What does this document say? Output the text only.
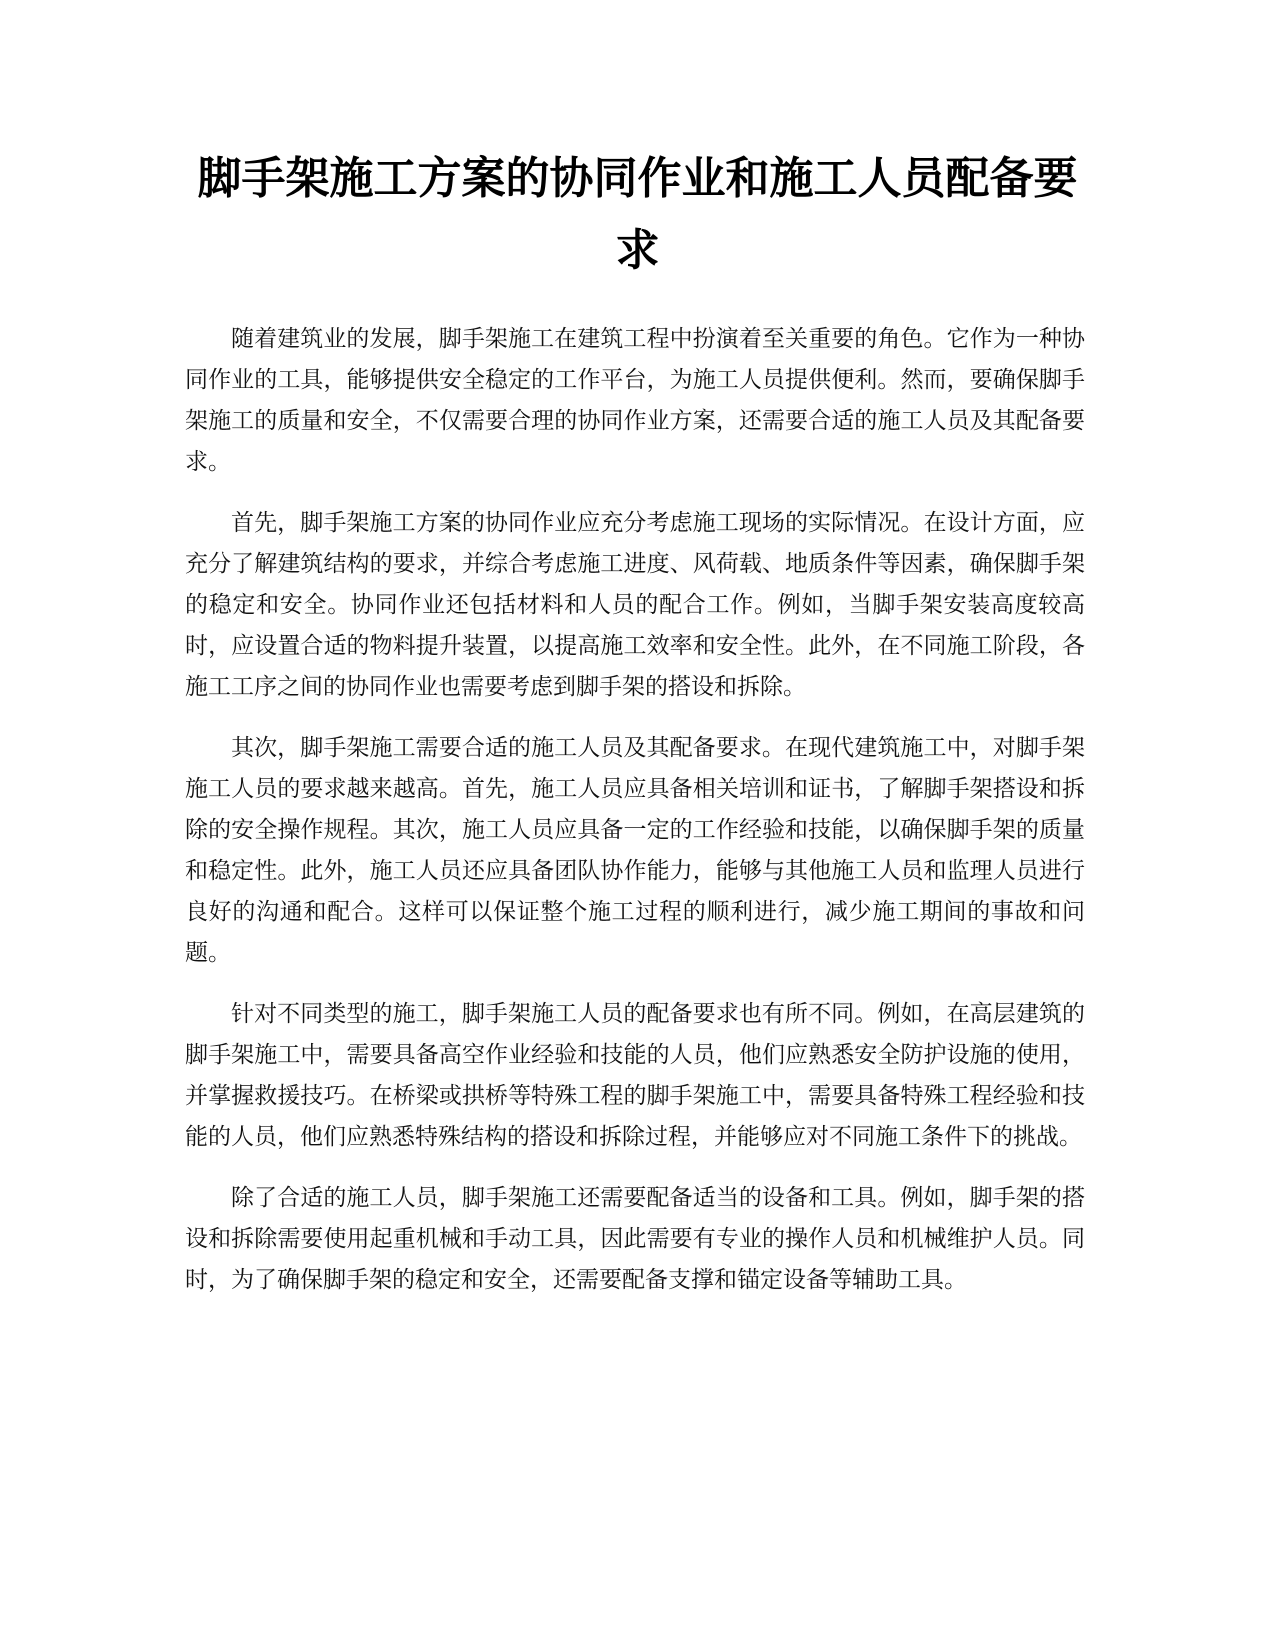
脚手架施工方案的协同作业和施工人员配备要求

随着建筑业的发展，脚手架施工在建筑工程中扮演着至关重要的角色。它作为一种协同作业的工具，能够提供安全稳定的工作平台，为施工人员提供便利。然而，要确保脚手架施工的质量和安全，不仅需要合理的协同作业方案，还需要合适的施工人员及其配备要求。

首先，脚手架施工方案的协同作业应充分考虑施工现场的实际情况。在设计方面，应充分了解建筑结构的要求，并综合考虑施工进度、风荷载、地质条件等因素，确保脚手架的稳定和安全。协同作业还包括材料和人员的配合工作。例如，当脚手架安装高度较高时，应设置合适的物料提升装置，以提高施工效率和安全性。此外，在不同施工阶段，各施工工序之间的协同作业也需要考虑到脚手架的搭设和拆除。

其次，脚手架施工需要合适的施工人员及其配备要求。在现代建筑施工中，对脚手架施工人员的要求越来越高。首先，施工人员应具备相关培训和证书，了解脚手架搭设和拆除的安全操作规程。其次，施工人员应具备一定的工作经验和技能，以确保脚手架的质量和稳定性。此外，施工人员还应具备团队协作能力，能够与其他施工人员和监理人员进行良好的沟通和配合。这样可以保证整个施工过程的顺利进行，减少施工期间的事故和问题。

针对不同类型的施工，脚手架施工人员的配备要求也有所不同。例如，在高层建筑的脚手架施工中，需要具备高空作业经验和技能的人员，他们应熟悉安全防护设施的使用，并掌握救援技巧。在桥梁或拱桥等特殊工程的脚手架施工中，需要具备特殊工程经验和技能的人员，他们应熟悉特殊结构的搭设和拆除过程，并能够应对不同施工条件下的挑战。

除了合适的施工人员，脚手架施工还需要配备适当的设备和工具。例如，脚手架的搭设和拆除需要使用起重机械和手动工具，因此需要有专业的操作人员和机械维护人员。同时，为了确保脚手架的稳定和安全，还需要配备支撑和锚定设备等辅助工具。
